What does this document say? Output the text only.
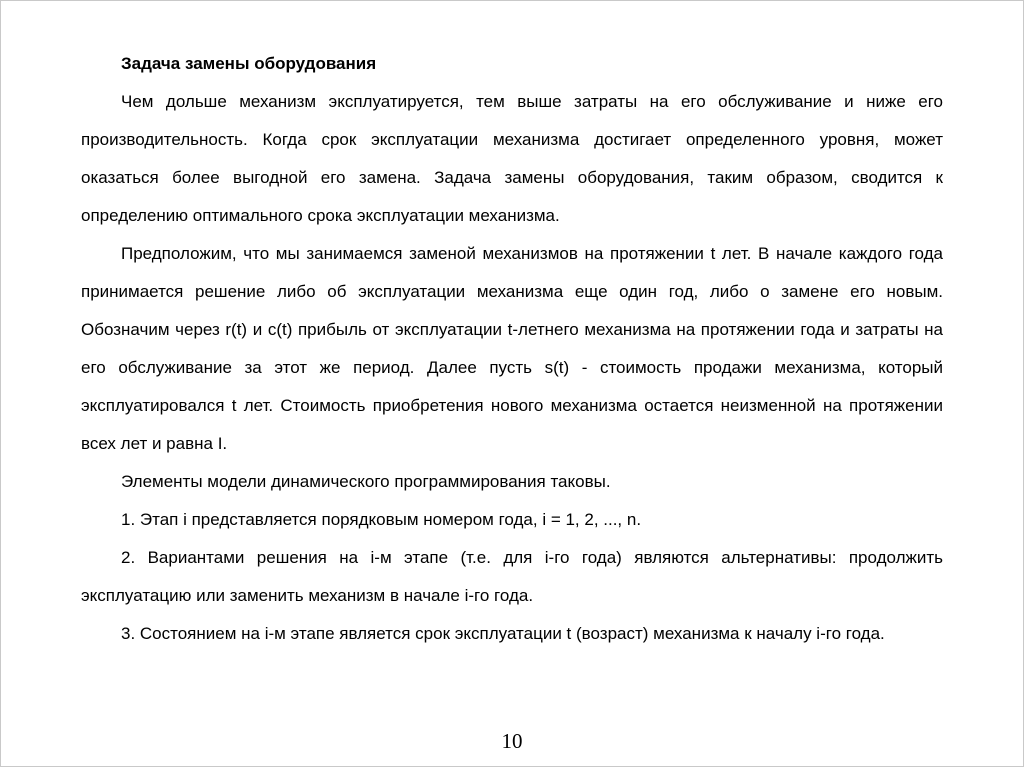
Задача замены оборудования

Чем дольше механизм эксплуатируется, тем выше затраты на его обслуживание и ниже его производительность. Когда срок эксплуатации механизма достигает определенного уровня, может оказаться более выгодной его замена. Задача замены оборудования, таким образом, сводится к определению оптимального срока эксплуатации механизма.

Предположим, что мы занимаемся заменой механизмов на протяжении t лет. В начале каждого года принимается решение либо об эксплуатации механизма еще один год, либо о замене его новым. Обозначим через r(t) и c(t) прибыль от эксплуатации t-летнего механизма на протяжении года и затраты на его обслуживание за этот же период. Далее пусть s(t) - стоимость продажи механизма, который эксплуатировался t лет. Стоимость приобретения нового механизма остается неизменной на протяжении всех лет и равна I.

Элементы модели динамического программирования таковы.

1. Этап i представляется порядковым номером года, i = 1, 2, ..., n.

2. Вариантами решения на i-м этапе (т.е. для i-го года) являются альтернативы: продолжить эксплуатацию или заменить механизм в начале i-го года.

3. Состоянием на i-м этапе является срок эксплуатации t (возраст) механизма к началу i-го года.

10
